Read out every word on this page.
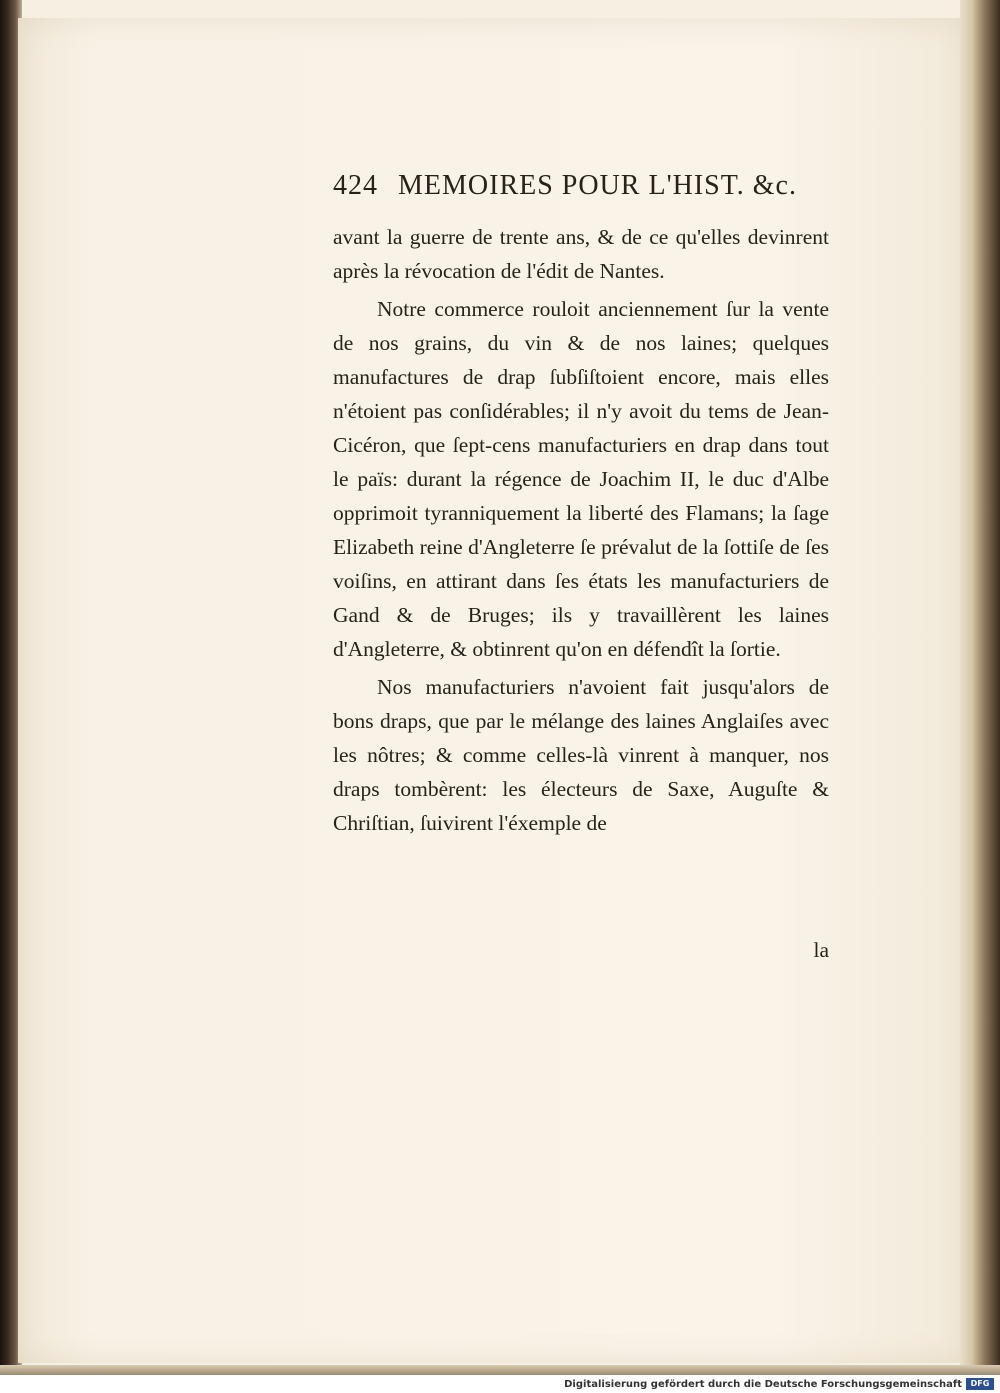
424 MEMOIRES POUR L'HIST. &c.

avant la guerre de trente ans, & de ce qu'elles devinrent après la révocation de l'édit de Nantes.

Notre commerce rouloit anciennement ſur la vente de nos grains, du vin & de nos laines; quelques manufactures de drap ſubſiſtoient encore, mais elles n'étoient pas conſidérables; il n'y avoit du tems de Jean-Cicéron, que ſept-cens manufacturiers en drap dans tout le païs: durant la régence de Joachim II, le duc d'Albe opprimoit tyranniquement la liberté des Flamans; la ſage Elizabeth reine d'Angleterre ſe prévalut de la ſottiſe de ſes voiſins, en attirant dans ſes états les manufacturiers de Gand & de Bruges; ils y travaillèrent les laines d'Angleterre, & obtinrent qu'on en défendît la ſortie.

Nos manufacturiers n'avoient fait jusqu'alors de bons draps, que par le mélange des laines Anglaiſes avec les nôtres; & comme celles-là vinrent à manquer, nos draps tombèrent: les électeurs de Saxe, Auguſte & Chriſtian, ſuivirent l'éxemple de

la
Digitalisierung gefördert durch die Deutsche Forschungsgemeinschaft	DFG
